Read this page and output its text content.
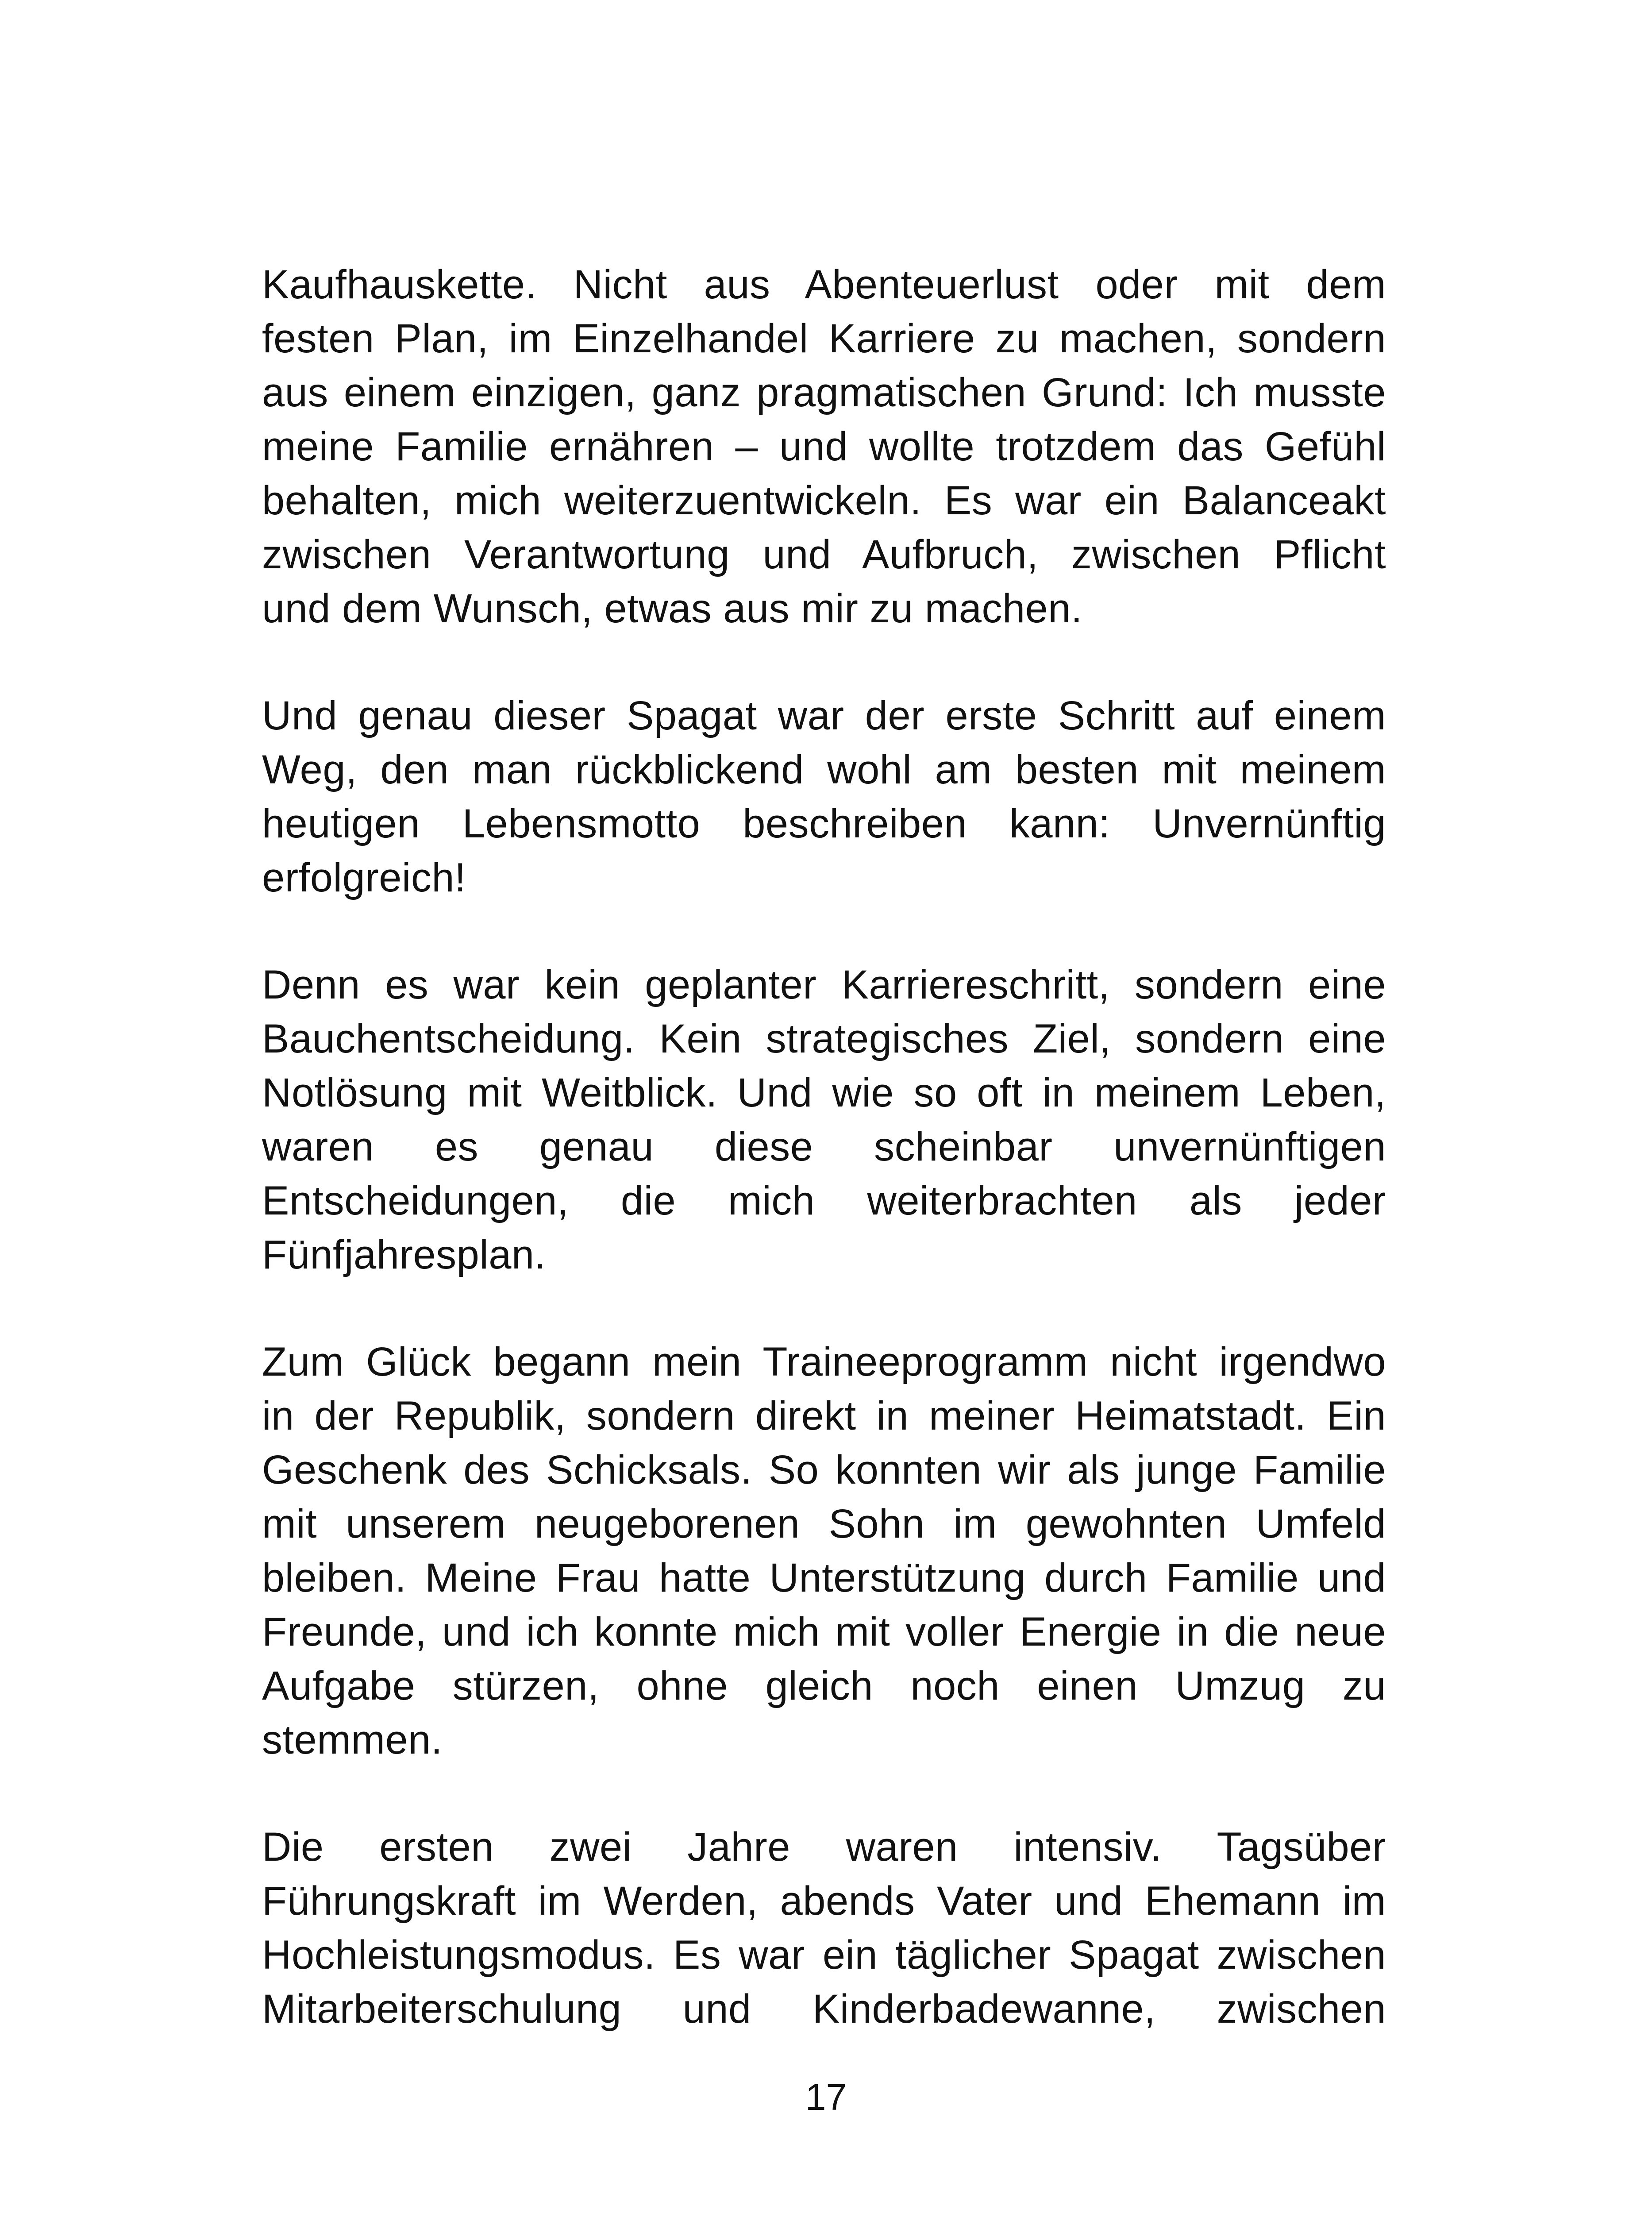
Kaufhauskette. Nicht aus Abenteuerlust oder mit dem
festen Plan, im Einzelhandel Karriere zu machen, sondern
aus einem einzigen, ganz pragmatischen Grund: Ich musste
meine Familie ernähren – und wollte trotzdem das Gefühl
behalten, mich weiterzuentwickeln. Es war ein Balanceakt
zwischen Verantwortung und Aufbruch, zwischen Pflicht
und dem Wunsch, etwas aus mir zu machen.
Und genau dieser Spagat war der erste Schritt auf einem
Weg, den man rückblickend wohl am besten mit meinem
heutigen Lebensmotto beschreiben kann: Unvernünftig
erfolgreich!
Denn es war kein geplanter Karriereschritt, sondern eine
Bauchentscheidung. Kein strategisches Ziel, sondern eine
Notlösung mit Weitblick. Und wie so oft in meinem Leben,
waren es genau diese scheinbar unvernünftigen
Entscheidungen, die mich weiterbrachten als jeder
Fünfjahresplan.
Zum Glück begann mein Traineeprogramm nicht irgendwo
in der Republik, sondern direkt in meiner Heimatstadt. Ein
Geschenk des Schicksals. So konnten wir als junge Familie
mit unserem neugeborenen Sohn im gewohnten Umfeld
bleiben. Meine Frau hatte Unterstützung durch Familie und
Freunde, und ich konnte mich mit voller Energie in die neue
Aufgabe stürzen, ohne gleich noch einen Umzug zu
stemmen.
Die ersten zwei Jahre waren intensiv. Tagsüber
Führungskraft im Werden, abends Vater und Ehemann im
Hochleistungsmodus. Es war ein täglicher Spagat zwischen
Mitarbeiterschulung und Kinderbadewanne, zwischen
17
